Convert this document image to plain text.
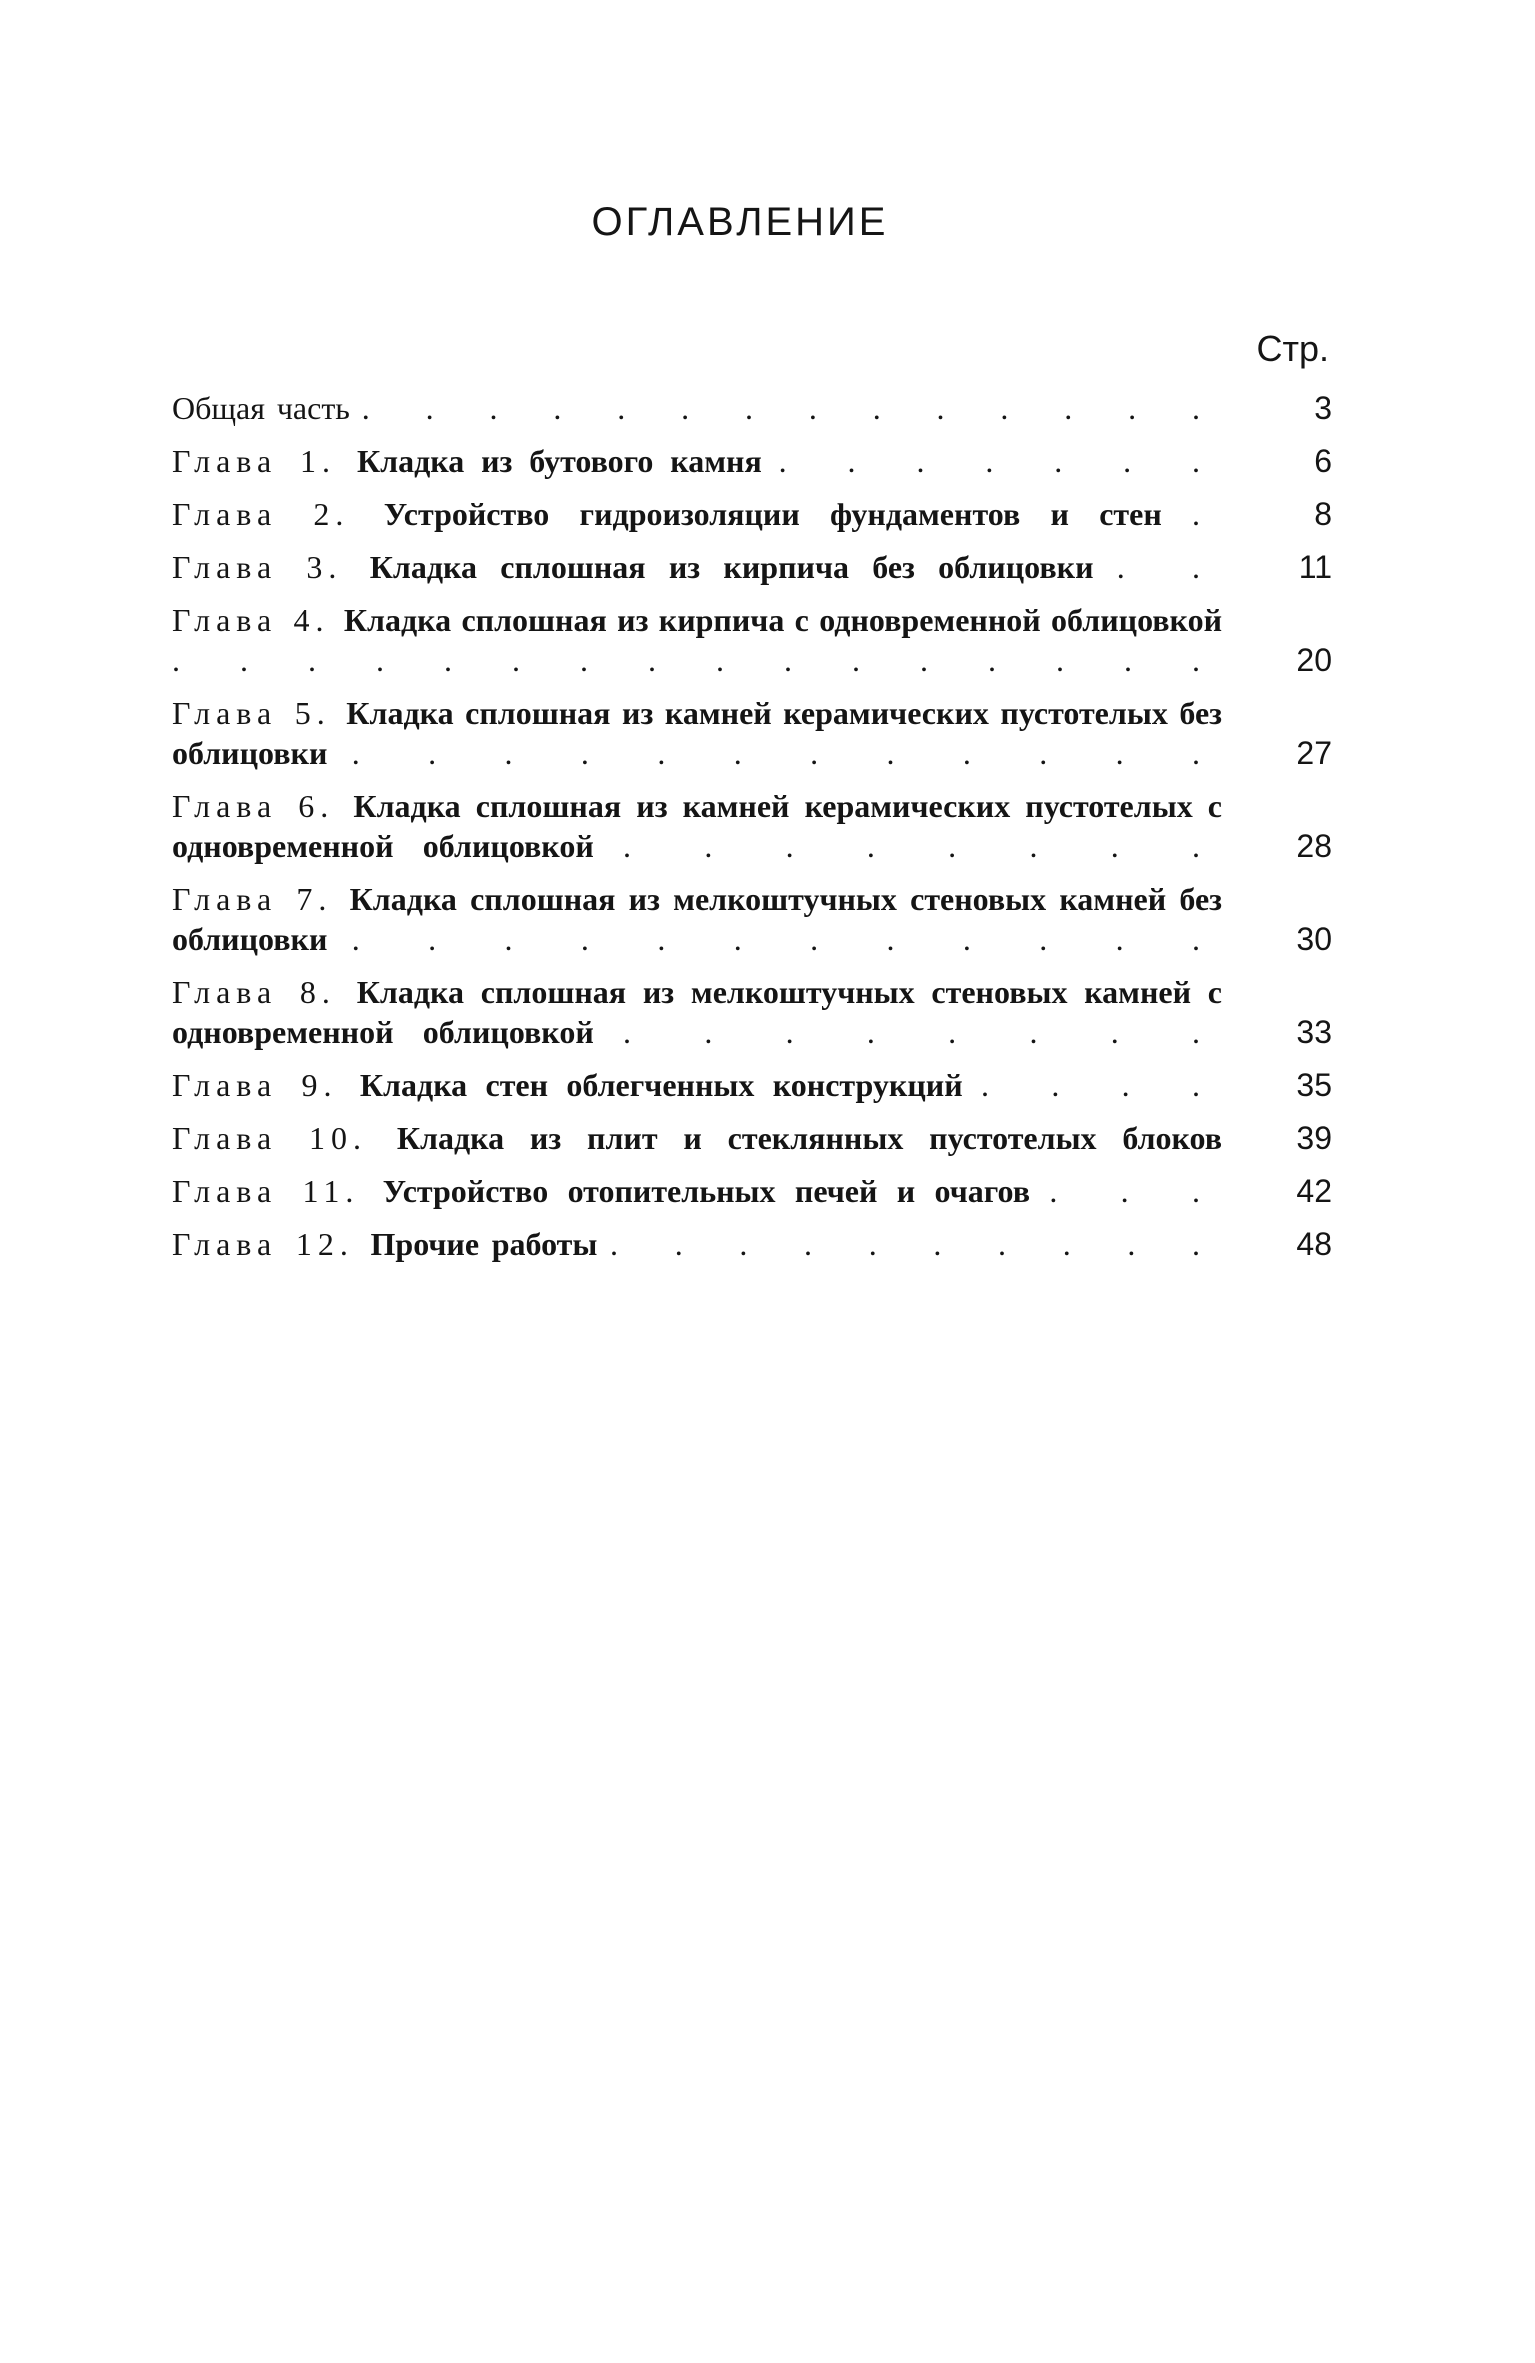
ОГЛАВЛЕНИЕ
Стр.
Общая часть . . . . . . . . . . . . . .	3
Глава 1. Кладка из бутового камня . . . . . . .	6
Глава 2. Устройство гидроизоляции фундаментов и стен .	8
Глава 3. Кладка сплошная из кирпича без облицовки . . 11
Глава 4. Кладка сплошная из кирпича с одновременной облицовкой . . . . . . . . . . . . . . . . 20
Глава 5. Кладка сплошная из камней керамических пустотелых без облицовки . . . . . . . . . . . . 27
Глава 6. Кладка сплошная из камней керамических пустотелых с одновременной облицовкой . . . . . . . . 28
Глава 7. Кладка сплошная из мелкоштучных стеновых камней без облицовки . . . . . . . . . . . . 30
Глава 8. Кладка сплошная из мелкоштучных стеновых камней с одновременной облицовкой . . . . . . . . 33
Глава 9. Кладка стен облегченных конструкций . . . . 35
Глава 10. Кладка из плит и стеклянных пустотелых блоков 39
Глава 11. Устройство отопительных печей и очагов . . . 42
Глава 12. Прочие работы . . . . . . . . . . 48
